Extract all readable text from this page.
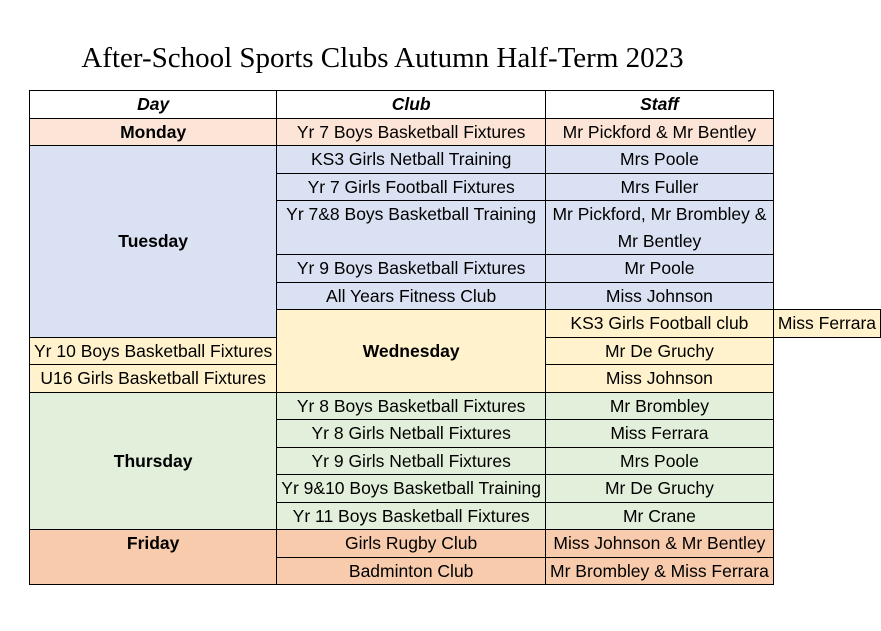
After-School Sports Clubs Autumn Half-Term 2023
Day	Club	Staff	
Monday	Yr 7 Boys Basketball Fixtures	Mr Pickford & Mr Bentley	
Tuesday	KS3 Girls Netball Training	Mrs Poole	
	Yr 7 Girls Football Fixtures	Mrs Fuller	
	Yr 7&8 Boys Basketball Training	Mr Pickford, Mr Brombley & Mr Bentley	
	Yr 9 Boys Basketball Fixtures	Mr Poole	
	All Years Fitness Club	Miss Johnson	
	Wednesday	KS3 Girls Football club	Miss Ferrara
Yr 10 Boys Basketball Fixtures		Mr De Gruchy	
U16 Girls Basketball Fixtures		Miss Johnson	
Thursday	Yr 8 Boys Basketball Fixtures	Mr Brombley	
	Yr 8 Girls Netball Fixtures	Miss Ferrara	
	Yr 9 Girls Netball Fixtures	Mrs Poole	
	Yr 9&10 Boys Basketball Training	Mr De Gruchy	
	Yr 11 Boys Basketball Fixtures	Mr Crane	
Friday	Girls Rugby Club	Miss Johnson & Mr Bentley	
	Badminton Club	Mr Brombley & Miss Ferrara	
